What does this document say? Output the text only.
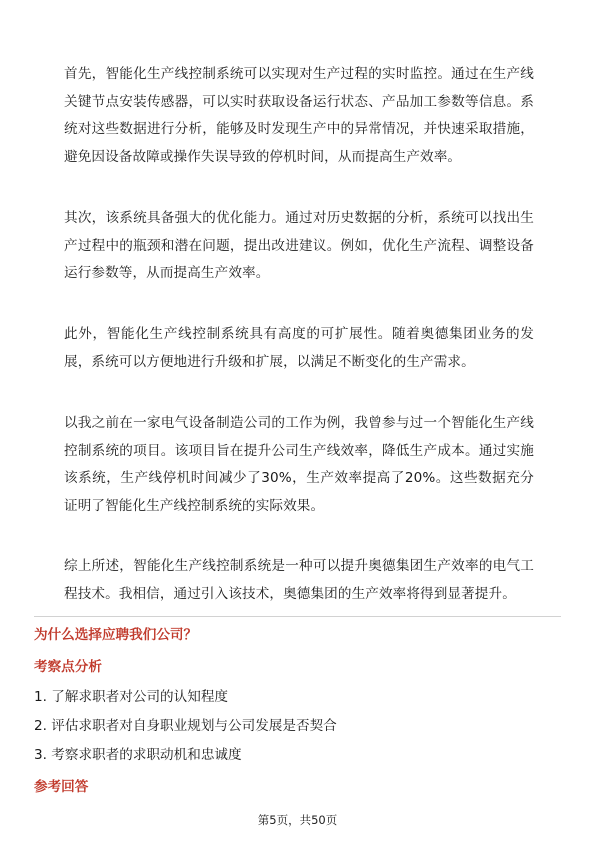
首先，智能化生产线控制系统可以实现对生产过程的实时监控。通过在生产线关键节点安装传感器，可以实时获取设备运行状态、产品加工参数等信息。系统对这些数据进行分析，能够及时发现生产中的异常情况，并快速采取措施，避免因设备故障或操作失误导致的停机时间，从而提高生产效率。

其次，该系统具备强大的优化能力。通过对历史数据的分析，系统可以找出生产过程中的瓶颈和潜在问题，提出改进建议。例如，优化生产流程、调整设备运行参数等，从而提高生产效率。

此外，智能化生产线控制系统具有高度的可扩展性。随着奥德集团业务的发展，系统可以方便地进行升级和扩展，以满足不断变化的生产需求。

以我之前在一家电气设备制造公司的工作为例，我曾参与过一个智能化生产线控制系统的项目。该项目旨在提升公司生产线效率，降低生产成本。通过实施该系统，生产线停机时间减少了30%，生产效率提高了20%。这些数据充分证明了智能化生产线控制系统的实际效果。

综上所述，智能化生产线控制系统是一种可以提升奥德集团生产效率的电气工程技术。我相信，通过引入该技术，奥德集团的生产效率将得到显著提升。

为什么选择应聘我们公司？
考察点分析
1. 了解求职者对公司的认知程度
2. 评估求职者对自身职业规划与公司发展是否契合
3. 考察求职者的求职动机和忠诚度
参考回答
第5页，共50页
